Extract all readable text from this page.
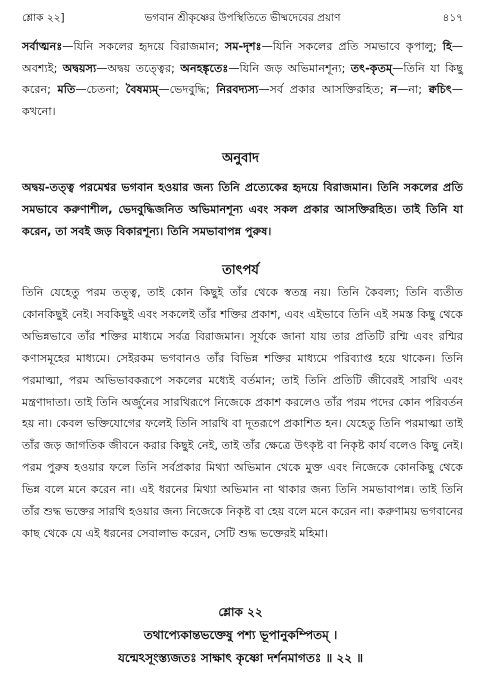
শ্লোক ২২]	ভগবান শ্রীকৃষ্ণের উপস্থিতিতে ভীষ্মদেবের প্রয়াণ	৪১৭
সর্বাত্মনঃ—যিনি সকলের হৃদয়ে বিরাজমান; সম-দৃশঃ—যিনি সকলের প্রতি সমভাবে কৃপালু; হি—অবশ্যই; অদ্বয়স্য—অদ্বয় তত্ত্বের; অনহঙ্কৃতেঃ—যিনি জড় অভিমানশূন্য; তৎ-কৃতম্—তিনি যা কিছু করেন; মতি—চেতনা; বৈষম্যম্—ভেদবুদ্ধি; নিরবদ্যস্য—সর্ব প্রকার আসক্তিরহিত; ন—না; ক্বচিৎ—কখনো।
অনুবাদ
অদ্বয়-তত্ত্ব পরমেশ্বর ভগবান হওয়ার জন্য তিনি প্রত্যেকের হৃদয়ে বিরাজমান। তিনি সকলের প্রতি সমভাবে করুণাশীল, ভেদবুদ্ধিজনিত অভিমানশূন্য এবং সকল প্রকার আসক্তিরহিত। তাই তিনি যা করেন, তা সবই জড় বিকারশূন্য। তিনি সমভাবাপন্ন পুরুষ।
তাৎপর্য
তিনি যেহেতু পরম তত্ত্ব, তাই কোন কিছুই তাঁর থেকে স্বতন্ত্র নয়। তিনি কৈবল্য; তিনি ব্যতীত কোনকিছুই নেই। সবকিছুই এবং সকলেই তাঁর শক্তির প্রকাশ, এবং এইভাবে তিনি এই সমস্ত কিছু থেকে অভিন্নভাবে তাঁর শক্তির মাধ্যমে সর্বত্র বিরাজমান। সূর্যকে জানা যায় তার প্রতিটি রশ্মি এবং রশ্মির কণাসমূহের মাধ্যমে। সেইরকম ভগবানও তাঁর বিভিন্ন শক্তির মাধ্যমে পরিব্যাপ্ত হয়ে থাকেন। তিনি পরমাত্মা, পরম অভিভাবকরূপে সকলের মধ্যেই বর্তমান; তাই তিনি প্রতিটি জীবেরই সারথি এবং মন্ত্রণাদাতা। তাই তিনি অর্জুনের সারথিরূপে নিজেকে প্রকাশ করলেও তাঁর পরম পদের কোন পরিবর্তন হয় না। কেবল ভক্তিযোগের ফলেই তিনি সারথি বা দূতরূপে প্রকাশিত হন। যেহেতু তিনি পরমাত্মা তাই তাঁর জড় জাগতিক জীবনে করার কিছুই নেই, তাই তাঁর ক্ষেত্রে উৎকৃষ্ট বা নিকৃষ্ট কার্য বলেও কিছু নেই। পরম পুরুষ হওয়ার ফলে তিনি সর্বপ্রকার মিথ্যা অভিমান থেকে মুক্ত এবং নিজেকে কোনকিছু থেকে ভিন্ন বলে মনে করেন না। এই ধরনের মিথ্যা অভিমান না থাকার জন্য তিনি সমভাবাপন্ন। তাই তিনি তাঁর শুদ্ধ ভক্তের সারথি হওয়ার জন্য নিজেকে নিকৃষ্ট বা হেয় বলে মনে করেন না। করুণাময় ভগবানের কাছ থেকে যে এই ধরনের সেবালাভ করেন, সেটি শুদ্ধ ভক্তেরই মহিমা।
শ্লোক ২২
তথাপ্যেকান্তভক্তেষু পশ্য ভূপানুকম্পিতম্ ।
যন্মেঽসূংস্ত্যজতঃ সাক্ষাৎ কৃষ্ণো দর্শনমাগতঃ ॥ ২২ ॥
